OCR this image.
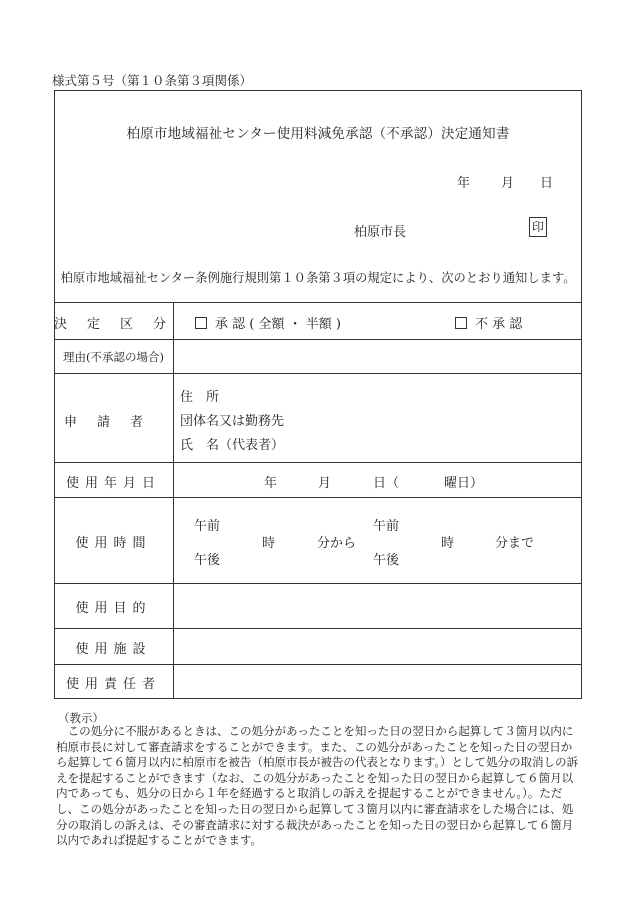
様式第５号（第１０条第３項関係）
柏原市地域福祉センター使用料減免承認（不承認）決定通知書
年 月 日
柏原市長	印
柏原市地域福祉センター条例施行規則第１０条第３項の規定により、次のとおり通知します。
決定区分	承 認 ( 全額 ・ 半額 )	不 承 認
理由(不承認の場合)
申請者
住　所
団体名又は勤務先
氏　名（代表者）
使用年月日	年	月	日（	曜日）
使用時間
午前
午後
時	分から
午前
午後
時	分まで
使用目的
使用施設
使用責任者
（教示）
この処分に不服があるときは、この処分があったことを知った日の翌日から起算して３箇月以内に柏原市長に対して審査請求をすることができます。また、この処分があったことを知った日の翌日から起算して６箇月以内に柏原市を被告（柏原市長が被告の代表となります。）として処分の取消しの訴えを提起することができます（なお、この処分があったことを知った日の翌日から起算して６箇月以内であっても、処分の日から１年を経過すると取消しの訴えを提起することができません。）。ただし、この処分があったことを知った日の翌日から起算して３箇月以内に審査請求をした場合には、処分の取消しの訴えは、その審査請求に対する裁決があったことを知った日の翌日から起算して６箇月以内であれば提起することができます。
